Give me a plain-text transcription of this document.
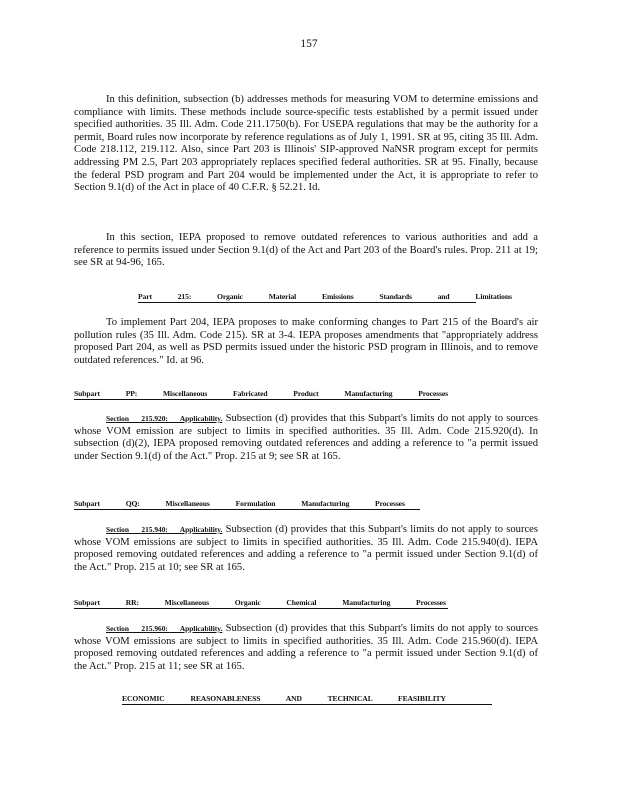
157

In this definition, subsection (b) addresses methods for measuring VOM to determine emissions and compliance with limits. These methods include source-specific tests established by a permit issued under specified authorities. 35 Ill. Adm. Code 211.1750(b). For USEPA regulations that may be the authority for a permit, Board rules now incorporate by reference regulations as of July 1, 1991. SR at 95, citing 35 Ill. Adm. Code 218.112, 219.112. Also, since Part 203 is Illinois' SIP-approved NaNSR program except for permits addressing PM 2.5, Part 203 appropriately replaces specified federal authorities. SR at 95. Finally, because the federal PSD program and Part 204 would be implemented under the Act, it is appropriate to refer to Section 9.1(d) of the Act in place of 40 C.F.R. § 52.21. Id.

In this section, IEPA proposed to remove outdated references to various authorities and add a reference to permits issued under Section 9.1(d) of the Act and Part 203 of the Board's rules. Prop. 211 at 19; see SR at 94-96, 165.

Part 215: Organic Material Emissions Standards and Limitations

To implement Part 204, IEPA proposes to make conforming changes to Part 215 of the Board's air pollution rules (35 Ill. Adm. Code 215). SR at 3-4. IEPA proposes amendments that "appropriately address proposed Part 204, as well as PSD permits issued under the historic PSD program in Illinois, and to remove outdated references." Id. at 96.

Subpart PP: Miscellaneous Fabricated Product Manufacturing Processes

Section 215.920: Applicability. Subsection (d) provides that this Subpart's limits do not apply to sources whose VOM emission are subject to limits in specified authorities. 35 Ill. Adm. Code 215.920(d). In subsection (d)(2), IEPA proposed removing outdated references and adding a reference to "a permit issued under Section 9.1(d) of the Act." Prop. 215 at 9; see SR at 165.

Subpart QQ: Miscellaneous Formulation Manufacturing Processes

Section 215.940: Applicability. Subsection (d) provides that this Subpart's limits do not apply to sources whose VOM emissions are subject to limits in specified authorities. 35 Ill. Adm. Code 215.940(d). IEPA proposed removing outdated references and adding a reference to "a permit issued under Section 9.1(d) of the Act." Prop. 215 at 10; see SR at 165.

Subpart RR: Miscellaneous Organic Chemical Manufacturing Processes

Section 215.960: Applicability. Subsection (d) provides that this Subpart's limits do not apply to sources whose VOM emissions are subject to limits in specified authorities. 35 Ill. Adm. Code 215.960(d). IEPA proposed removing outdated references and adding a reference to "a permit issued under Section 9.1(d) of the Act." Prop. 215 at 11; see SR at 165.

ECONOMIC REASONABLENESS AND TECHNICAL FEASIBILITY
